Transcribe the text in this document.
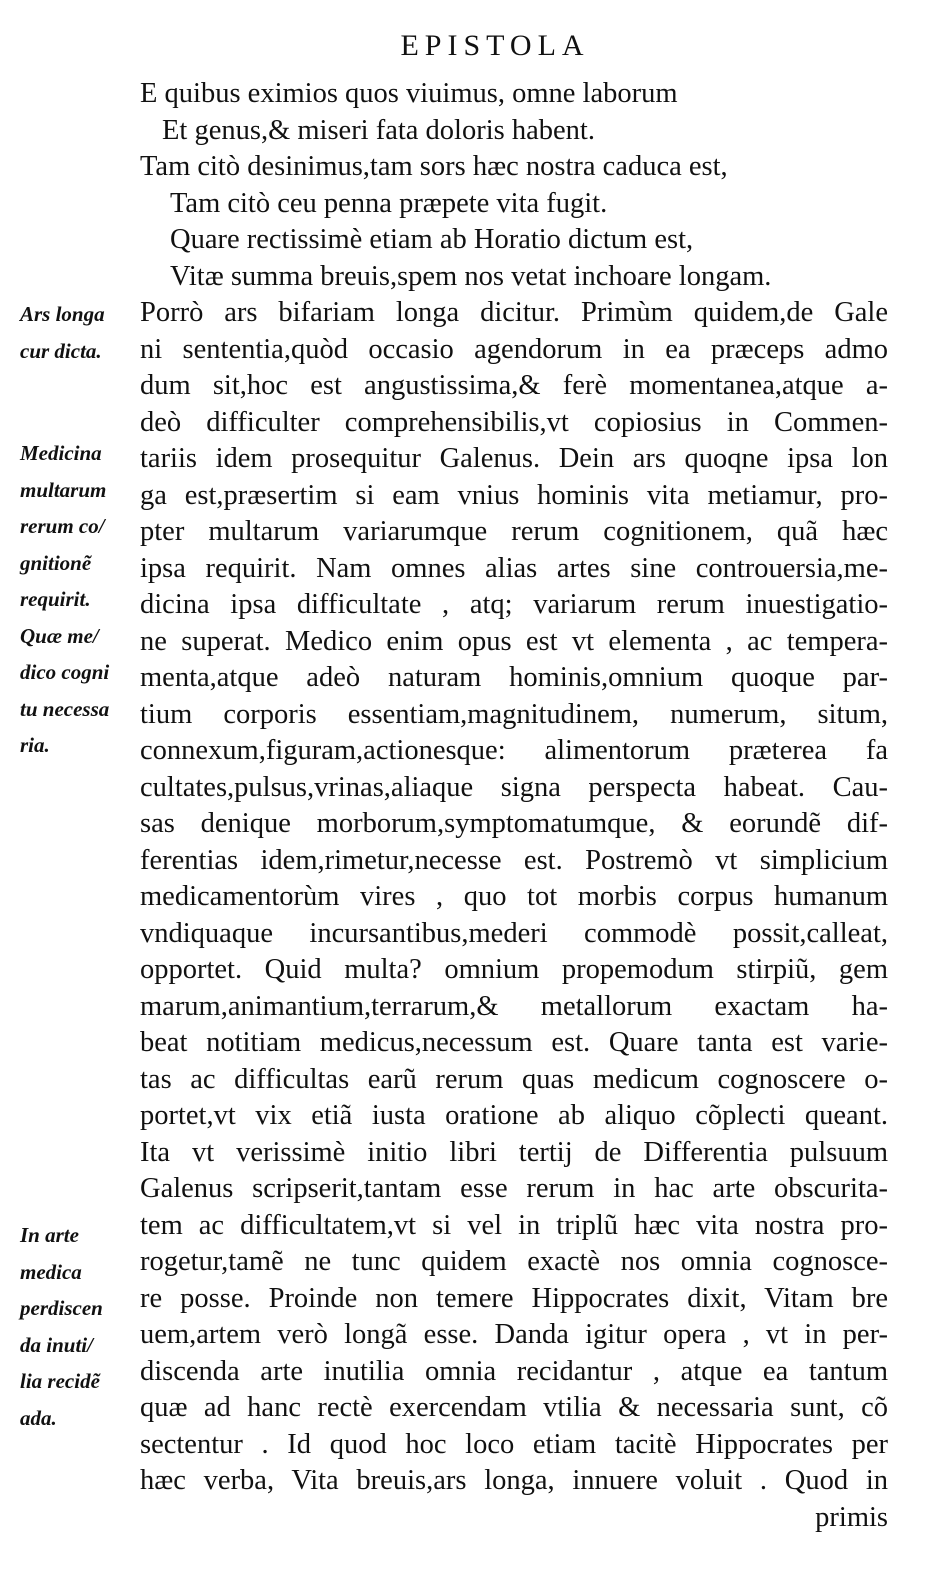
EPISTOLA
E quibus eximios quos viuimus, omne laborum
Et genus,& miseri fata doloris habent.
Tam citò desinimus,tam sors hæc nostra caduca est,
Tam citò ceu penna præpete vita fugit.
Quare rectissimè etiam ab Horatio dictum est,
Vitæ summa breuis,spem nos vetat inchoare longam.
Porrò ars bifariam longa dicitur. Primùm quidem,de Gale
ni sententia,quòd occasio agendorum in ea præceps admo
dum sit,hoc est angustissima,& ferè momentanea,atque a-
deò difficulter comprehensibilis,vt copiosius in Commen-
tariis idem prosequitur Galenus. Dein ars quoqne ipsa lon
ga est,præsertim si eam vnius hominis vita metiamur, pro-
pter multarum variarumque rerum cognitionem, quã hæc
ipsa requirit. Nam omnes alias artes sine controuersia,me-
dicina ipsa difficultate , atq; variarum rerum inuestigatio-
ne superat. Medico enim opus est vt elementa , ac tempera-
menta,atque adeò naturam hominis,omnium quoque par-
tium corporis essentiam,magnitudinem, numerum, situm,
connexum,figuram,actionesque: alimentorum præterea fa
cultates,pulsus,vrinas,aliaque signa perspecta habeat. Cau-
sas denique morborum,symptomatumque, & eorundẽ dif-
ferentias idem,rimetur,necesse est. Postremò vt simplicium
medicamentorùm vires , quo tot morbis corpus humanum
vndiquaque incursantibus,mederi commodè possit,calleat,
opportet. Quid multa? omnium propemodum stirpiũ, gem
marum,animantium,terrarum,& metallorum exactam ha-
beat notitiam medicus,necessum est. Quare tanta est varie-
tas ac difficultas earũ rerum quas medicum cognoscere o-
portet,vt vix etiã iusta oratione ab aliquo cõplecti queant.
Ita vt verissimè initio libri tertij de Differentia pulsuum
Galenus scripserit,tantam esse rerum in hac arte obscurita-
tem ac difficultatem,vt si vel in triplũ hæc vita nostra pro-
rogetur,tamẽ ne tunc quidem exactè nos omnia cognosce-
re posse. Proinde non temere Hippocrates dixit, Vitam bre
uem,artem verò longã esse. Danda igitur opera , vt in per-
discenda arte inutilia omnia recidantur , atque ea tantum
quæ ad hanc rectè exercendam vtilia & necessaria sunt, cõ
sectentur . Id quod hoc loco etiam tacitè Hippocrates per
hæc verba, Vita breuis,ars longa, innuere voluit . Quod in
primis
Ars longa
cur dicta.
Medicina
multarum
rerum co/
gnitionẽ
requirit.
Quæ me/
dico cogni
tu necessa
ria.
In arte
medica
perdiscen
da inuti/
lia recidẽ
ada.
